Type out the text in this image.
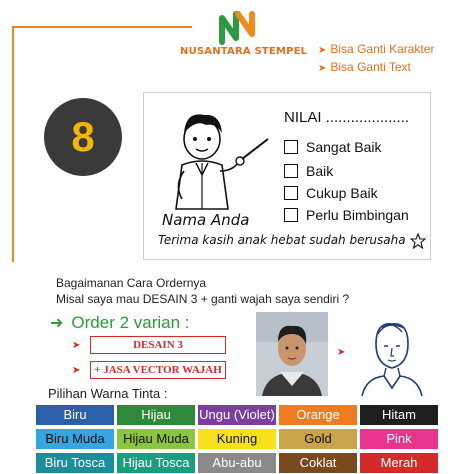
NUSANTARA STEMPEL ➤ Bisa Ganti Karakter
➤ Bisa Ganti Text
8
Nama Anda
Terima kasih anak hebat sudah berusaha
NILAI ....................
Sangat Baik
Baik
Cukup Baik
Perlu Bimbingan
Bagaimanan Cara Ordernya
Misal saya mau DESAIN 3 + ganti wajah saya sendiri ?
➜ Order 2 varian :
➤	DESAIN 3
➤	+ JASA VECTOR WAJAH
➤
Pilihan Warna Tinta :
Biru	Hijau	Ungu (Violet)	Orange	Hitam
Biru Muda	Hijau Muda	Kuning	Gold	Pink
Biru Tosca	Hijau Tosca	Abu-abu	Coklat	Merah
